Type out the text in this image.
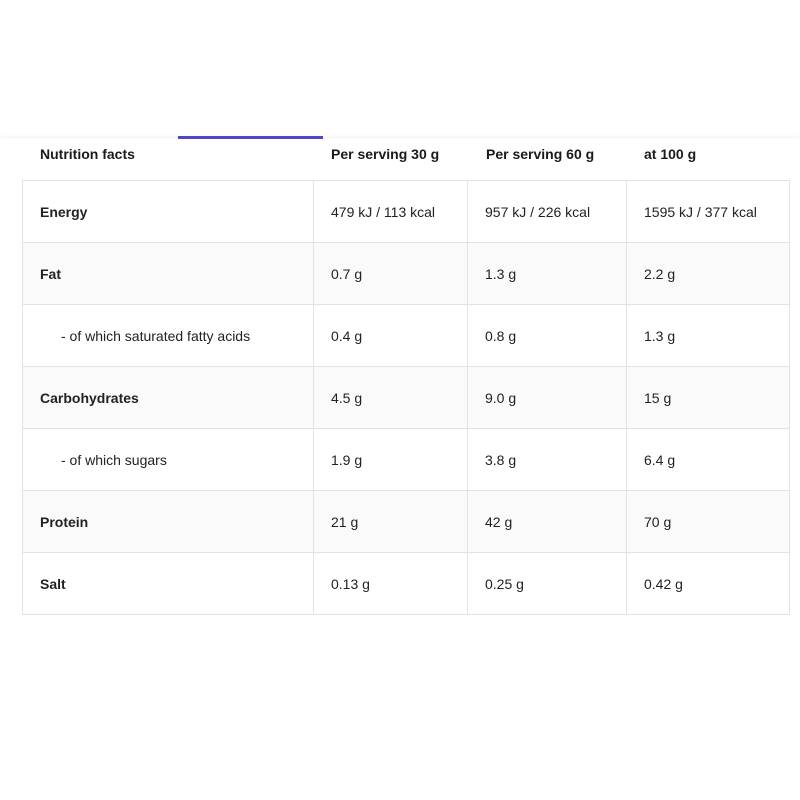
Nutrition facts	Per serving 30 g	Per serving 60 g	at 100 g
Energy	479 kJ / 113 kcal	957 kJ / 226 kcal	1595 kJ / 377 kcal
Fat	0.7 g	1.3 g	2.2 g
- of which saturated fatty acids	0.4 g	0.8 g	1.3 g
Carbohydrates	4.5 g	9.0 g	15 g
- of which sugars	1.9 g	3.8 g	6.4 g
Protein	21 g	42 g	70 g
Salt	0.13 g	0.25 g	0.42 g
